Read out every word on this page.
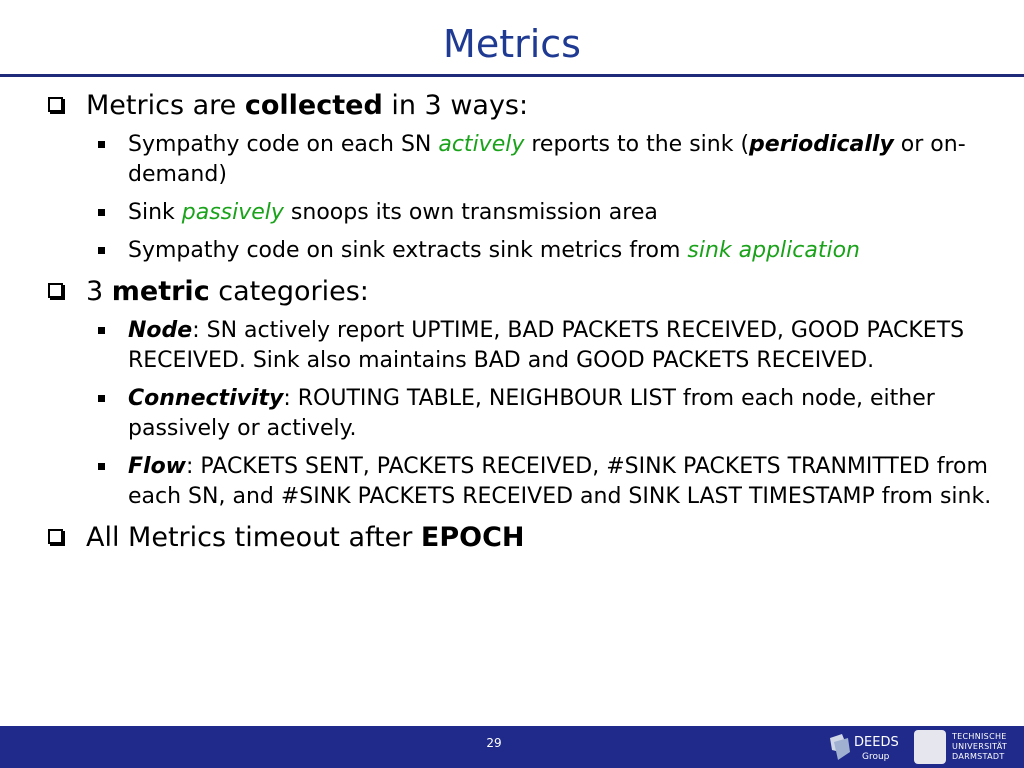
Metrics
Metrics are collected in 3 ways:
Sympathy code on each SN actively reports to the sink (periodically or on-demand)
Sink passively snoops its own transmission area
Sympathy code on sink extracts sink metrics from sink application
3 metric categories:
Node: SN actively report UPTIME, BAD PACKETS RECEIVED, GOOD PACKETS RECEIVED. Sink also maintains BAD and GOOD PACKETS RECEIVED.
Connectivity: ROUTING TABLE, NEIGHBOUR LIST from each node, either passively or actively.
Flow: PACKETS SENT, PACKETS RECEIVED, #SINK PACKETS TRANMITTED from each SN, and #SINK PACKETS RECEIVED and SINK LAST TIMESTAMP from sink.
All Metrics timeout after EPOCH
29	DEEDS
Group
TECHNISCHE
UNIVERSITÄT
DARMSTADT
